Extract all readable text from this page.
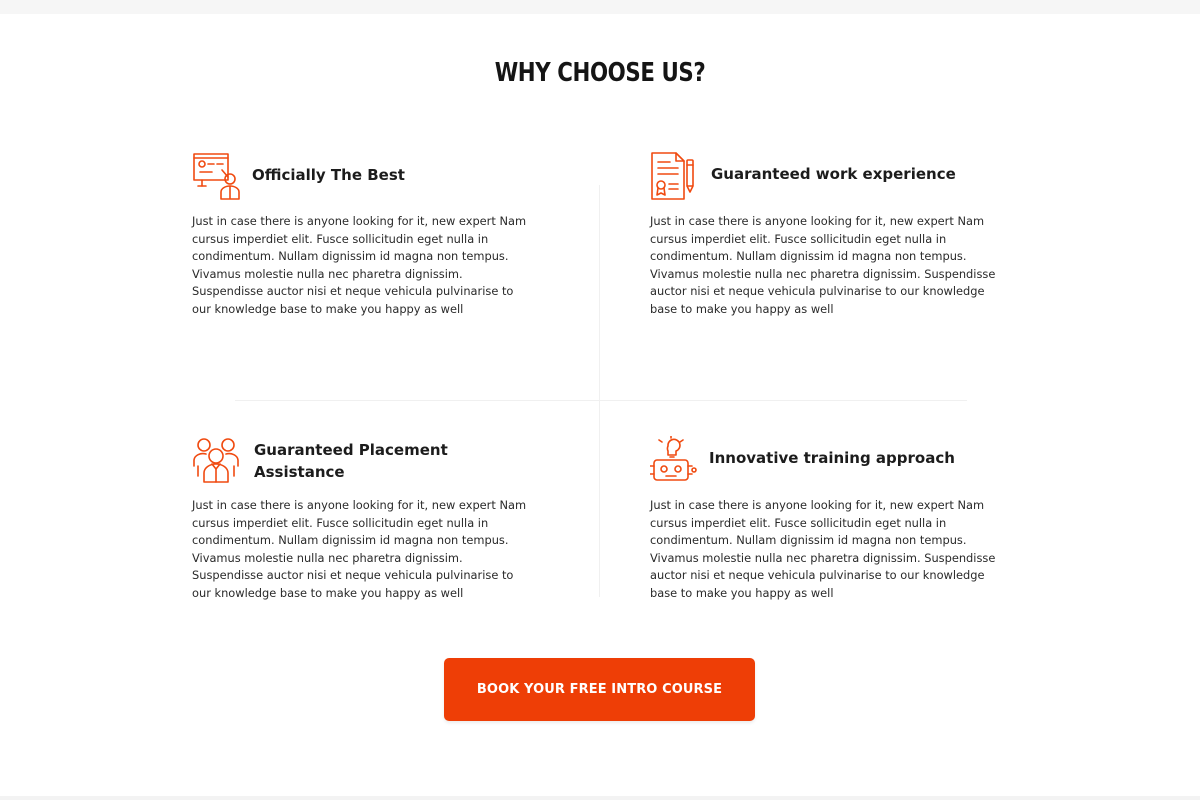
WHY CHOOSE US?
Officially The Best
Just in case there is anyone looking for it, new expert Nam cursus imperdiet elit. Fusce sollicitudin eget nulla in condimentum. Nullam dignissim id magna non tempus. Vivamus molestie nulla nec pharetra dignissim. Suspendisse auctor nisi et neque vehicula pulvinarise to our knowledge base to make you happy as well
Guaranteed work experience
Just in case there is anyone looking for it, new expert Nam cursus imperdiet elit. Fusce sollicitudin eget nulla in condimentum. Nullam dignissim id magna non tempus. Vivamus molestie nulla nec pharetra dignissim. Suspendisse auctor nisi et neque vehicula pulvinarise to our knowledge base to make you happy as well
Guaranteed Placement Assistance
Just in case there is anyone looking for it, new expert Nam cursus imperdiet elit. Fusce sollicitudin eget nulla in condimentum. Nullam dignissim id magna non tempus. Vivamus molestie nulla nec pharetra dignissim. Suspendisse auctor nisi et neque vehicula pulvinarise to our knowledge base to make you happy as well
Innovative training approach
Just in case there is anyone looking for it, new expert Nam cursus imperdiet elit. Fusce sollicitudin eget nulla in condimentum. Nullam dignissim id magna non tempus. Vivamus molestie nulla nec pharetra dignissim. Suspendisse auctor nisi et neque vehicula pulvinarise to our knowledge base to make you happy as well
BOOK YOUR FREE INTRO COURSE
